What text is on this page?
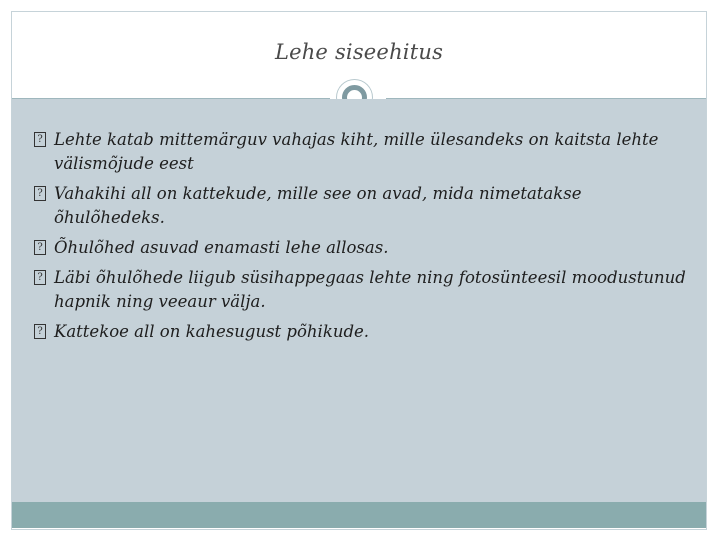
Lehe siseehitus
? Lehte katab mittemärguv vahajas kiht, mille ülesandeks on kaitsta lehte välismõjude eest
? Vahakihi all on kattekude, mille see on avad, mida nimetatakse õhulõhedeks.
? Õhulõhed asuvad enamasti lehe allosas.
? Läbi õhulõhede liigub süsihappegaas lehte ning fotosünteesil moodustunud hapnik ning veeaur välja.
? Kattekoe all on kahesugust põhikude.
